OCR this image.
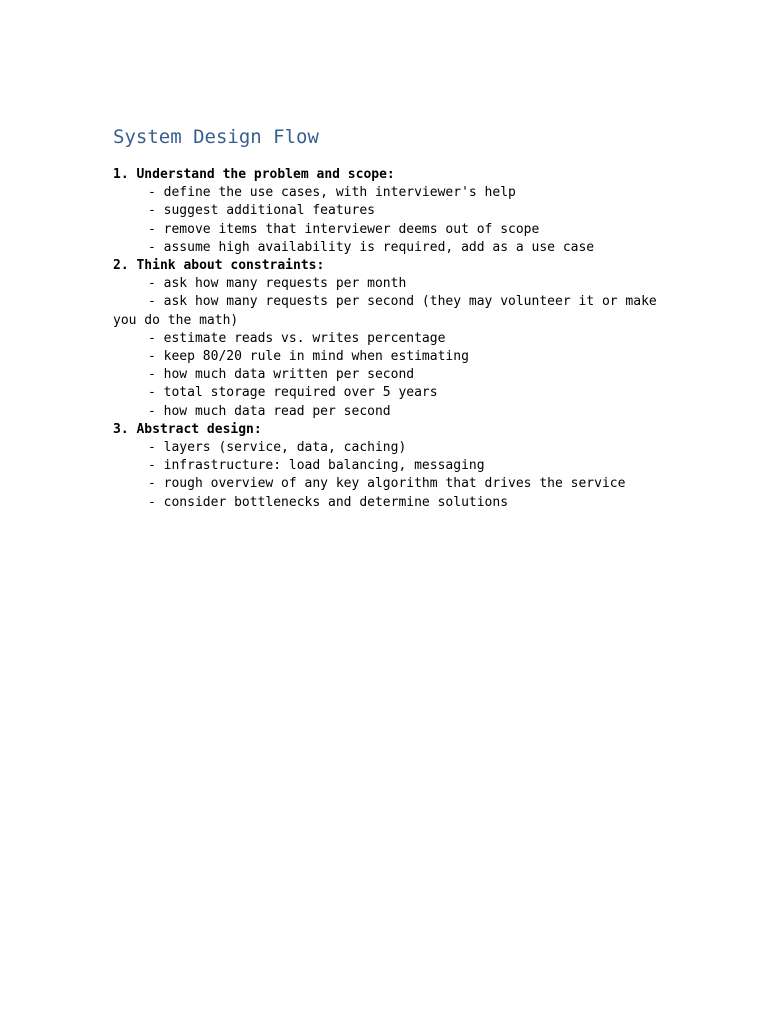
System Design Flow
1. Understand the problem and scope:
- define the use cases, with interviewer's help
- suggest additional features
- remove items that interviewer deems out of scope
- assume high availability is required, add as a use case
2. Think about constraints:
- ask how many requests per month
- ask how many requests per second (they may volunteer it or make you do the math)
- estimate reads vs. writes percentage
- keep 80/20 rule in mind when estimating
- how much data written per second
- total storage required over 5 years
- how much data read per second
3. Abstract design:
- layers (service, data, caching)
- infrastructure: load balancing, messaging
- rough overview of any key algorithm that drives the service
- consider bottlenecks and determine solutions
